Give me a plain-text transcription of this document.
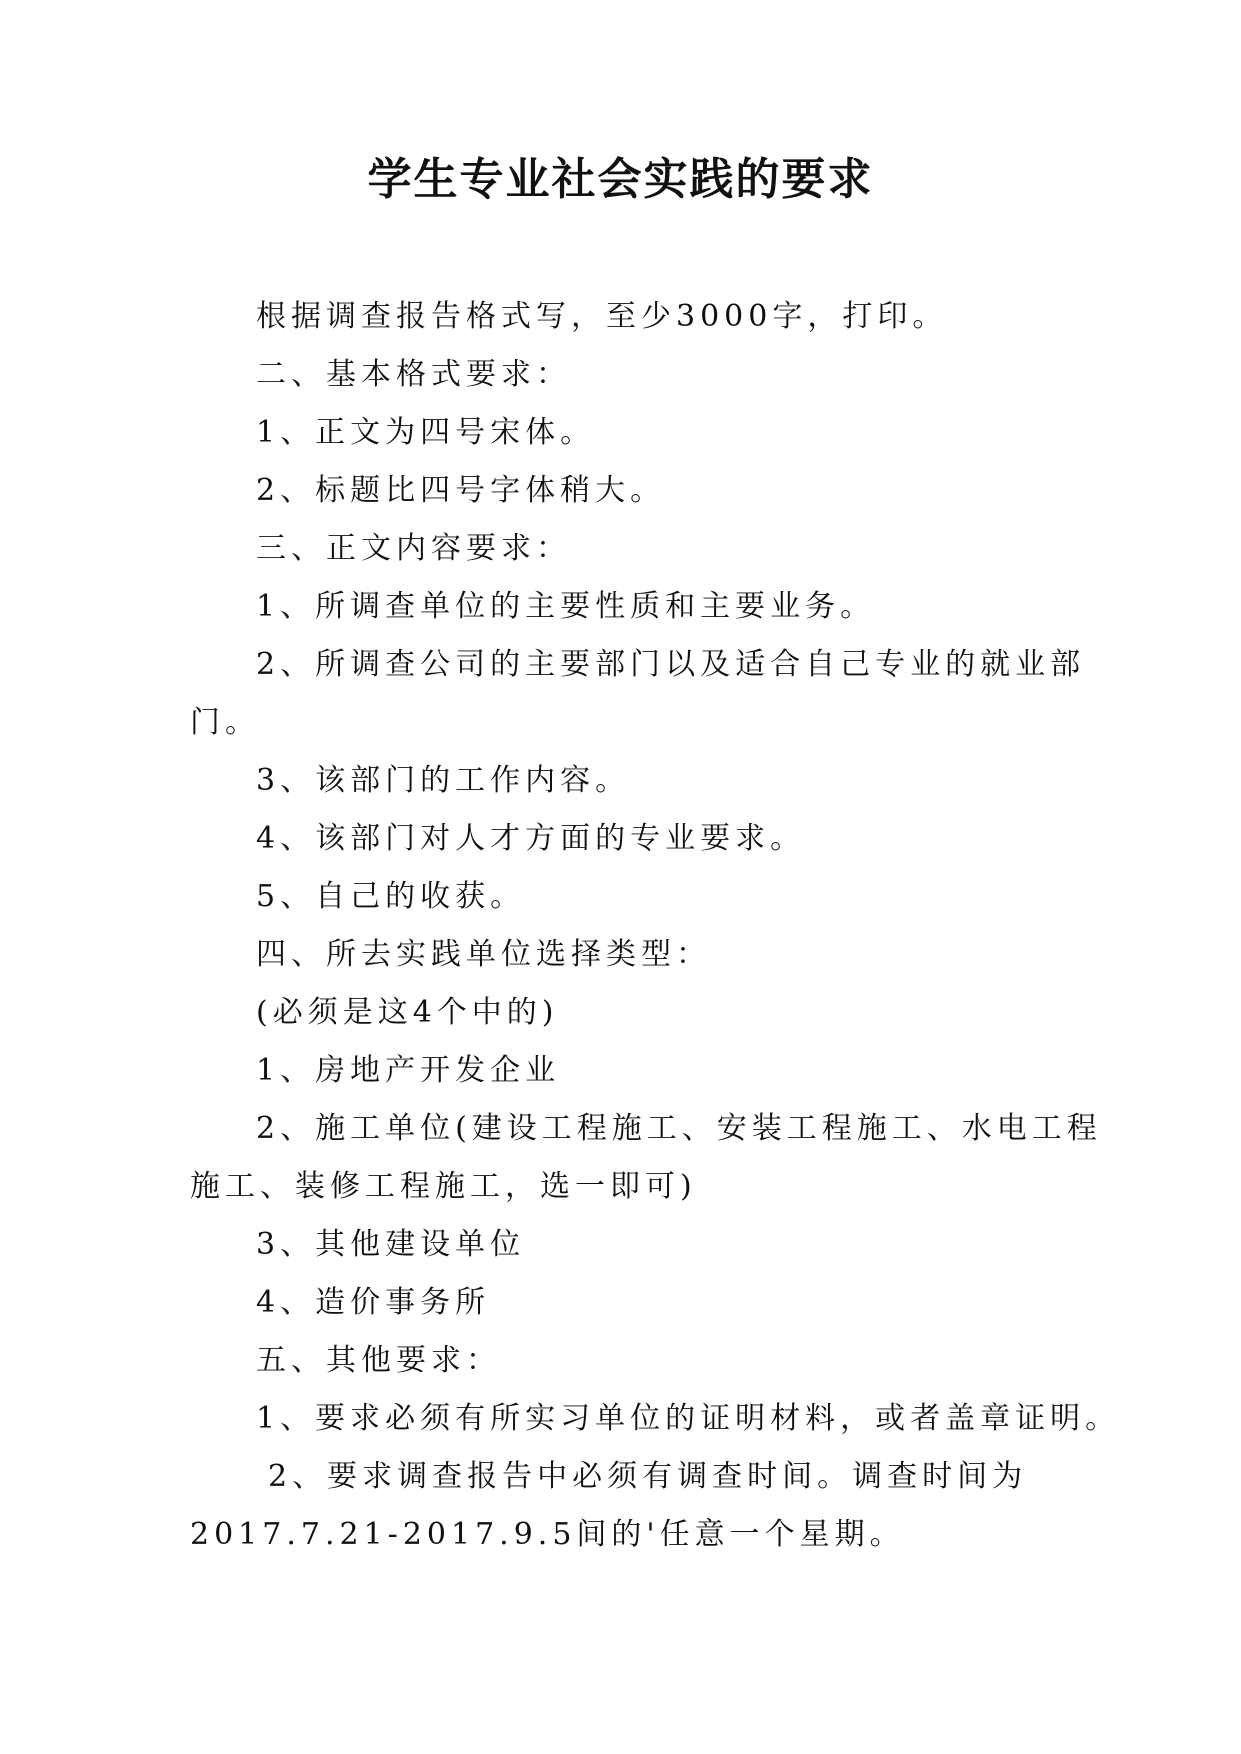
学生专业社会实践的要求
根据调查报告格式写，至少3000字，打印。
二、基本格式要求：
1、正文为四号宋体。
2、标题比四号字体稍大。
三、正文内容要求：
1、所调查单位的主要性质和主要业务。
2、所调查公司的主要部门以及适合自己专业的就业部
门。
3、该部门的工作内容。
4、该部门对人才方面的专业要求。
5、自己的收获。
四、所去实践单位选择类型：
(必须是这4个中的)
1、房地产开发企业
2、施工单位(建设工程施工、安装工程施工、水电工程
施工、装修工程施工，选一即可)
3、其他建设单位
4、造价事务所
五、其他要求：
1、要求必须有所实习单位的证明材料，或者盖章证明。
2、要求调查报告中必须有调查时间。调查时间为
2017.7.21-2017.9.5间的'任意一个星期。
